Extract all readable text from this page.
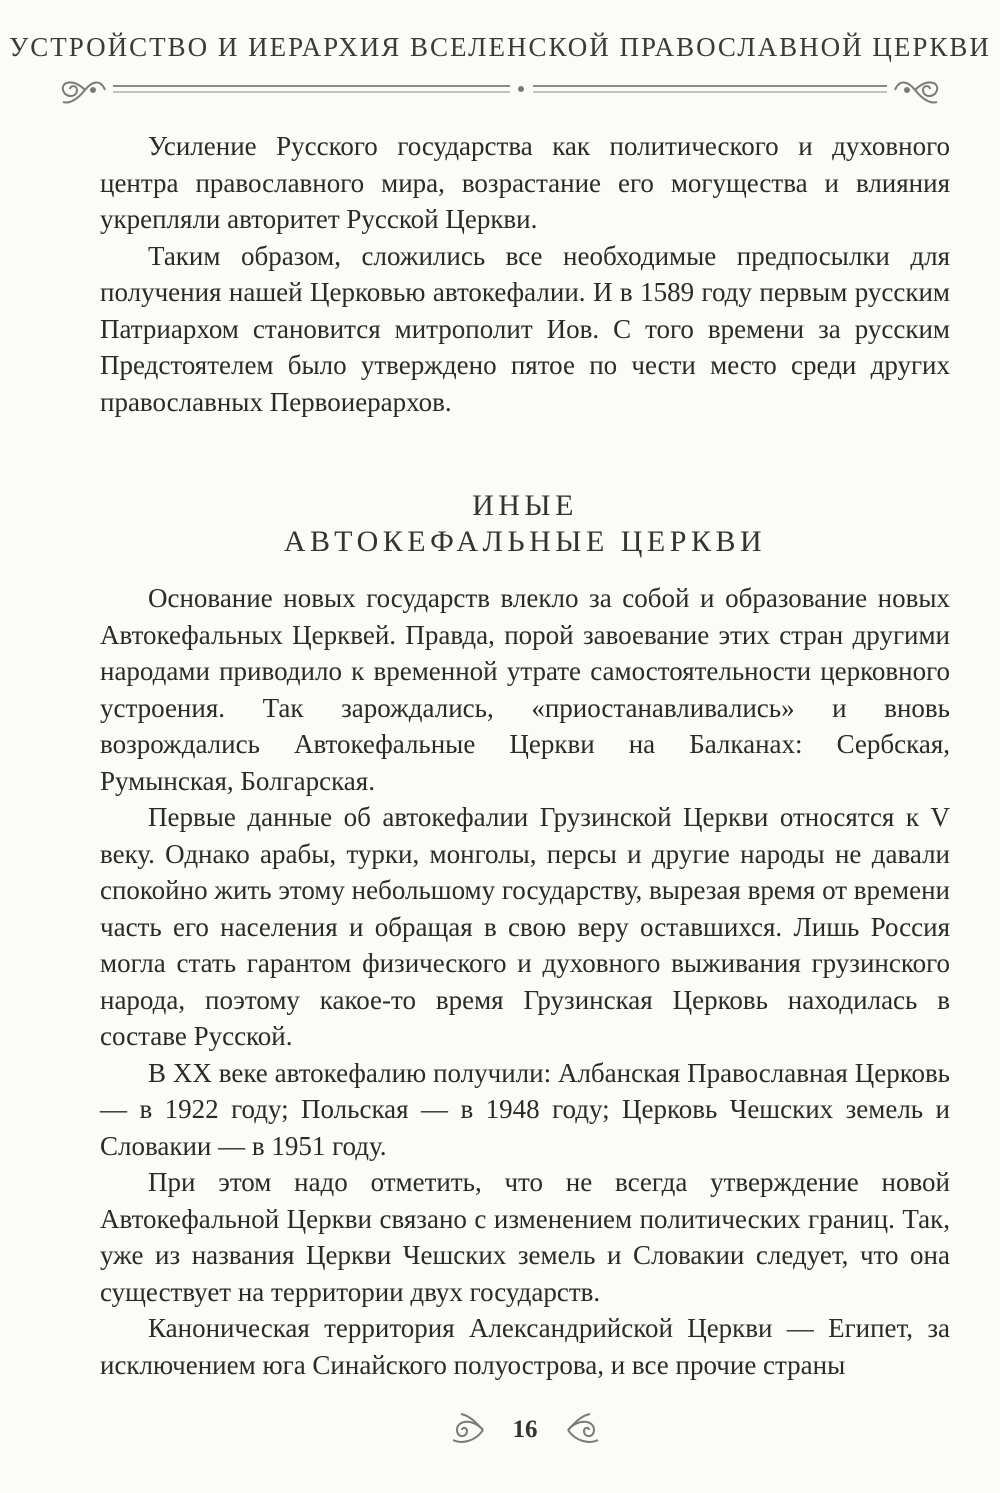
УСТРОЙСТВО И ИЕРАРХИЯ ВСЕЛЕНСКОЙ ПРАВОСЛАВНОЙ ЦЕРКВИ

Усиление Русского государства как политического и духовного центра православного мира, возрастание его могущества и влияния укрепляли авторитет Русской Церкви.

Таким образом, сложились все необходимые предпосылки для получения нашей Церковью автокефалии. И в 1589 году первым русским Патриархом становится митрополит Иов. С того времени за русским Предстоятелем было утверждено пятое по чести место среди других православных Первоиерархов.

ИНЫЕ
АВТОКЕФАЛЬНЫЕ ЦЕРКВИ

Основание новых государств влекло за собой и образование новых Автокефальных Церквей. Правда, порой завоевание этих стран другими народами приводило к временной утрате самостоятельности церковного устроения. Так зарождались, «приостанавливались» и вновь возрождались Автокефальные Церкви на Балканах: Сербская, Румынская, Болгарская.

Первые данные об автокефалии Грузинской Церкви относятся к V веку. Однако арабы, турки, монголы, персы и другие народы не давали спокойно жить этому небольшому государству, вырезая время от времени часть его населения и обращая в свою веру оставшихся. Лишь Россия могла стать гарантом физического и духовного выживания грузинского народа, поэтому какое-то время Грузинская Церковь находилась в составе Русской.

В XX веке автокефалию получили: Албанская Православная Церковь — в 1922 году; Польская — в 1948 году; Церковь Чешских земель и Словакии — в 1951 году.

При этом надо отметить, что не всегда утверждение новой Автокефальной Церкви связано с изменением политических границ. Так, уже из названия Церкви Чешских земель и Словакии следует, что она существует на территории двух государств.

Каноническая территория Александрийской Церкви — Египет, за исключением юга Синайского полуострова, и все прочие страны

16
